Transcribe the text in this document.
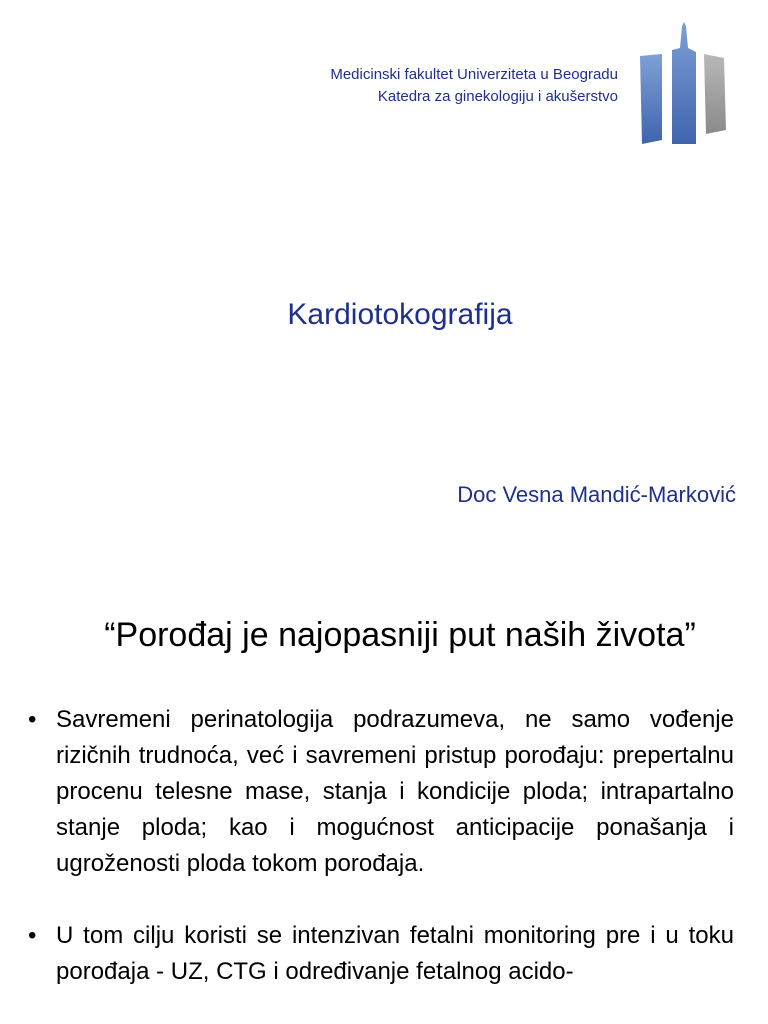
Medicinski fakultet Univerziteta u Beogradu
Katedra za ginekologiju i akušerstvo
Kardiotokografija
Doc Vesna Mandić-Marković
“Porođaj je najopasniji put naših života”
• Savremeni perinatologija podrazumeva, ne samo vođenje rizičnih trudnoća, već i savremeni pristup porođaju: prepertalnu procenu telesne mase, stanja i kondicije ploda; intrapartalno stanje ploda; kao i mogućnost anticipacije ponašanja i ugroženosti ploda tokom porođaja.
• U tom cilju koristi se intenzivan fetalni monitoring pre i u toku porođaja - UZ, CTG i određivanje fetalnog acido-
